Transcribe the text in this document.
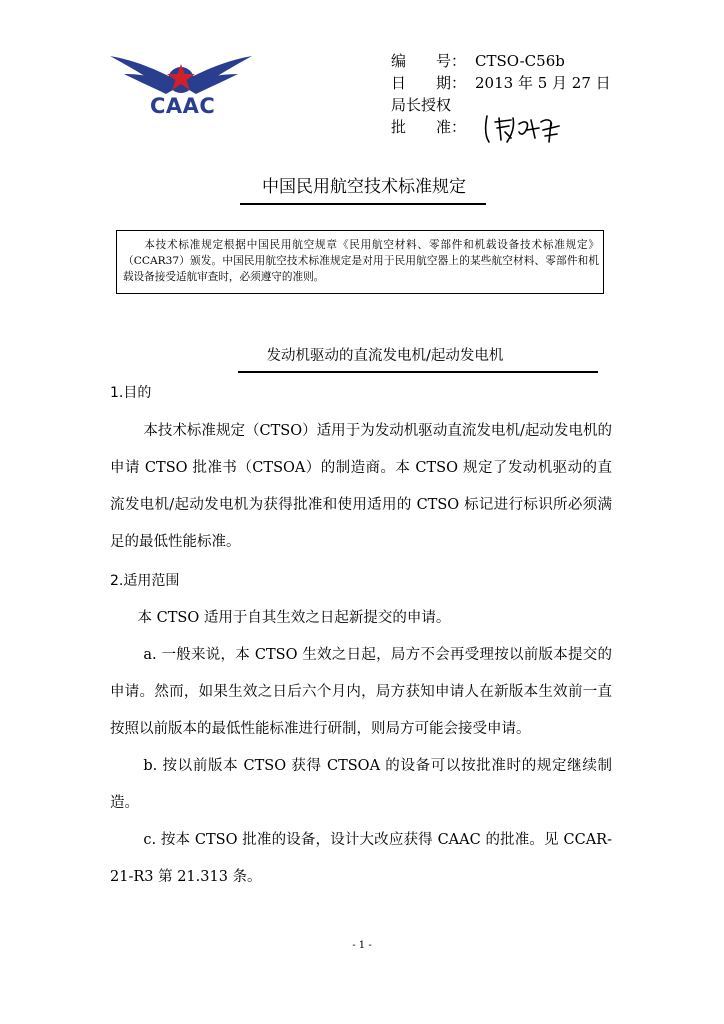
CAAC
编　　号： CTSO-C56b
日　　期： 2013 年 5 月 27 日
局长授权
批　　准：
中国民用航空技术标准规定

本技术标准规定根据中国民用航空规章《民用航空材料、零部件和机载设备技术标准规定》（CCAR37）颁发。中国民用航空技术标准规定是对用于民用航空器上的某些航空材料、零部件和机载设备接受适航审查时，必须遵守的准则。

发动机驱动的直流发电机/起动发电机
1.目的

本技术标准规定（CTSO）适用于为发动机驱动直流发电机/起动发电机的申请 CTSO 批准书（CTSOA）的制造商。本 CTSO 规定了发动机驱动的直流发电机/起动发电机为获得批准和使用适用的 CTSO 标记进行标识所必须满足的最低性能标准。

2.适用范围

本 CTSO 适用于自其生效之日起新提交的申请。

a. 一般来说，本 CTSO 生效之日起，局方不会再受理按以前版本提交的申请。然而，如果生效之日后六个月内，局方获知申请人在新版本生效前一直按照以前版本的最低性能标准进行研制，则局方可能会接受申请。

b. 按以前版本 CTSO 获得 CTSOA 的设备可以按批准时的规定继续制造。

c. 按本 CTSO 批准的设备，设计大改应获得 CAAC 的批准。见 CCAR-21-R3 第 21.313 条。

- 1 -
